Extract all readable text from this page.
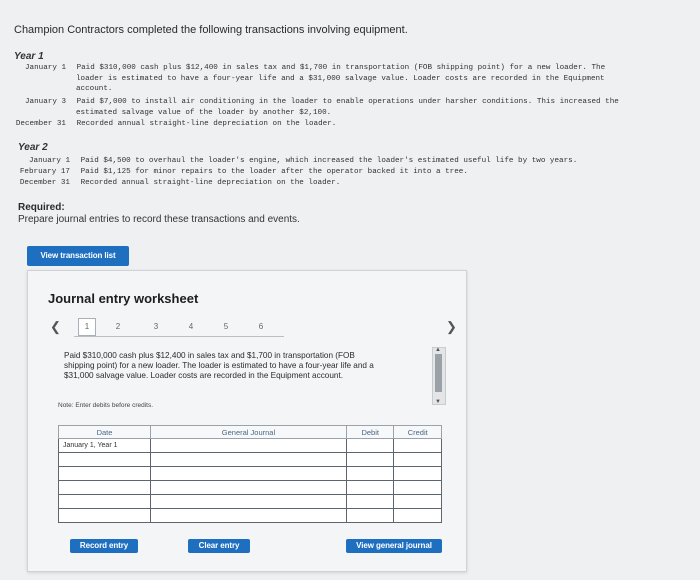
Champion Contractors completed the following transactions involving equipment.
Year 1
January 1 Paid $310,000 cash plus $12,400 in sales tax and $1,700 in transportation (FOB shipping point) for a new loader. The
loader is estimated to have a four-year life and a $31,000 salvage value. Loader costs are recorded in the Equipment
account.
January 3 Paid $7,000 to install air conditioning in the loader to enable operations under harsher conditions. This increased the
estimated salvage value of the loader by another $2,100.
December 31 Recorded annual straight-line depreciation on the loader.
Year 2
January 1 Paid $4,500 to overhaul the loader's engine, which increased the loader's estimated useful life by two years.
February 17 Paid $1,125 for minor repairs to the loader after the operator backed it into a tree.
December 31 Recorded annual straight-line depreciation on the loader.
Required:
Prepare journal entries to record these transactions and events.
View transaction list
Journal entry worksheet
❮	1	2	3	4	5	6	❯
Paid $310,000 cash plus $12,400 in sales tax and $1,700 in transportation (FOB shipping point) for a new loader. The loader is estimated to have a four-year life and a $31,000 salvage value. Loader costs are recorded in the Equipment account.
▲
▼
Note: Enter debits before credits.
Date	General Journal	Debit	Credit
January 1, Year 1			

Record entry	Clear entry	View general journal
